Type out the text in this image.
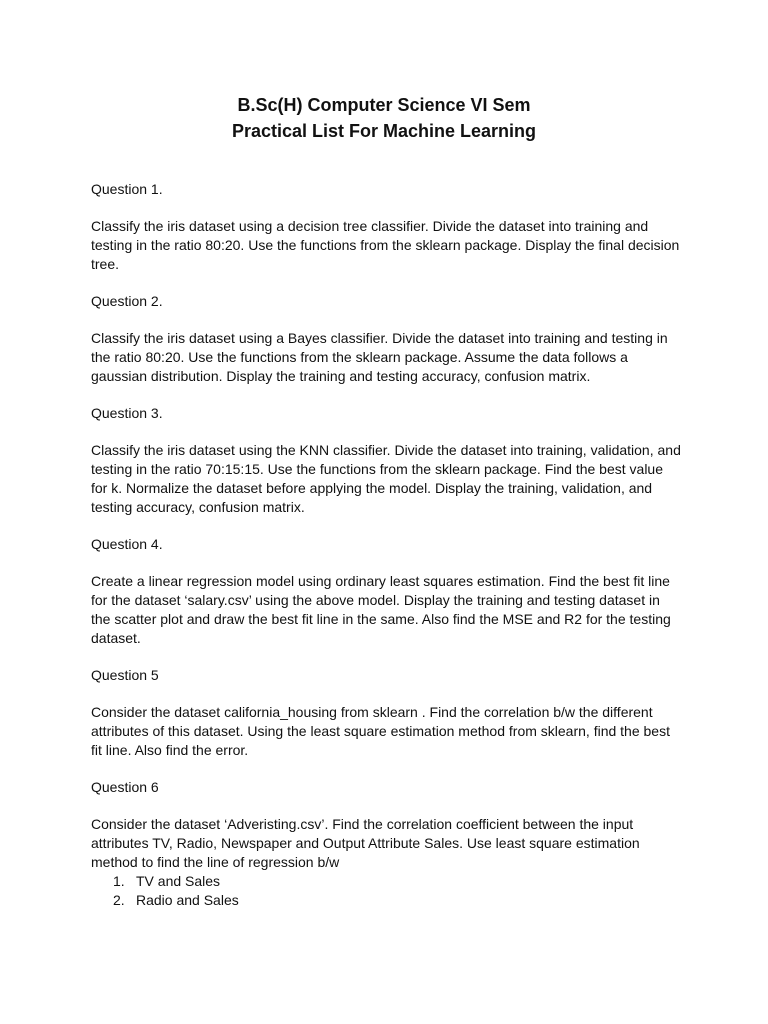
B.Sc(H) Computer Science VI Sem
Practical List For Machine Learning

Question 1.

Classify the iris dataset using a decision tree classifier. Divide the dataset into training and testing in the ratio 80:20. Use the functions from the sklearn package. Display the final decision tree.

Question 2.

Classify the iris dataset using a Bayes classifier. Divide the dataset into training and testing in the ratio 80:20. Use the functions from the sklearn package. Assume the data follows a gaussian distribution. Display the training and testing accuracy, confusion matrix.

Question 3.

Classify the iris dataset using the KNN classifier. Divide the dataset into training, validation, and testing in the ratio 70:15:15. Use the functions from the sklearn package. Find the best value for k. Normalize the dataset before applying the model. Display the training, validation, and testing accuracy, confusion matrix.

Question 4.

Create a linear regression model using ordinary least squares estimation. Find the best fit line for the dataset ‘salary.csv’ using the above model. Display the training and testing dataset in the scatter plot and draw the best fit line in the same. Also find the MSE and R2 for the testing dataset.

Question 5

Consider the dataset california_housing from sklearn . Find the correlation b/w the different attributes of this dataset. Using the least square estimation method from sklearn, find the best fit line. Also find the error.

Question 6

Consider the dataset ‘Adveristing.csv’. Find the correlation coefficient between the input attributes TV, Radio, Newspaper and Output Attribute Sales. Use least square estimation method to find the line of regression b/w

1. TV and Sales
2. Radio and Sales
